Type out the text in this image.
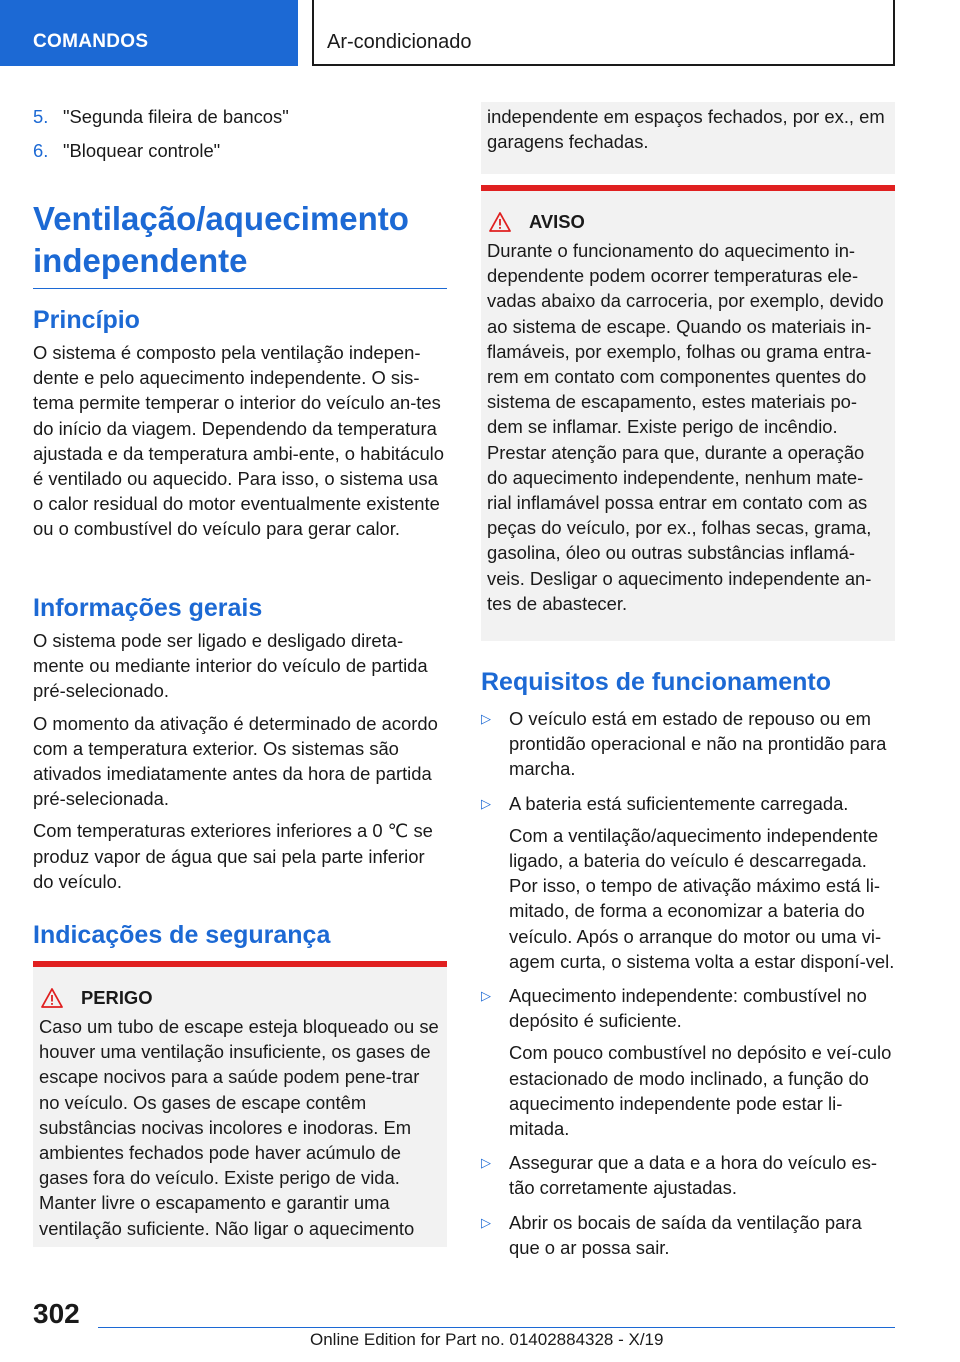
COMANDOS	Ar-condicionado
5. "Segunda fileira de bancos"
6. "Bloquear controle"
Ventilação/aquecimento independente
Princípio

O sistema é composto pela ventilação indepen-dente e pelo aquecimento independente. O sis-tema permite temperar o interior do veículo an-tes do início da viagem. Dependendo da temperatura ajustada e da temperatura ambi-ente, o habitáculo é ventilado ou aquecido. Para isso, o sistema usa o calor residual do motor eventualmente existente ou o combustível do veículo para gerar calor.

Informações gerais

O sistema pode ser ligado e desligado direta-mente ou mediante interior do veículo de partida pré-selecionado.

O momento da ativação é determinado de acordo com a temperatura exterior. Os sistemas são ativados imediatamente antes da hora de partida pré-selecionada.

Com temperaturas exteriores inferiores a 0 ℃ se produz vapor de água que sai pela parte inferior do veículo.

Indicações de segurança
PERIGO

Caso um tubo de escape esteja bloqueado ou se houver uma ventilação insuficiente, os gases de escape nocivos para a saúde podem pene-trar no veículo. Os gases de escape contêm substâncias nocivas incolores e inodoras. Em ambientes fechados pode haver acúmulo de gases fora do veículo. Existe perigo de vida. Manter livre o escapamento e garantir uma ventilação suficiente. Não ligar o aquecimento

independente em espaços fechados, por ex., em garagens fechadas.

AVISO

Durante o funcionamento do aquecimento in-dependente podem ocorrer temperaturas ele-vadas abaixo da carroceria, por exemplo, devido ao sistema de escape. Quando os materiais in-flamáveis, por exemplo, folhas ou grama entra-rem em contato com componentes quentes do sistema de escapamento, estes materiais po-dem se inflamar. Existe perigo de incêndio. Prestar atenção para que, durante a operação do aquecimento independente, nenhum mate-rial inflamável possa entrar em contato com as peças do veículo, por ex., folhas secas, grama, gasolina, óleo ou outras substâncias inflamá-veis. Desligar o aquecimento independente an-tes de abastecer.

Requisitos de funcionamento
▷ O veículo está em estado de repouso ou em prontidão operacional e não na prontidão para marcha.

▷ A bateria está suficientemente carregada.

Com a ventilação/aquecimento independente ligado, a bateria do veículo é descarregada. Por isso, o tempo de ativação máximo está li-mitado, de forma a economizar a bateria do veículo. Após o arranque do motor ou uma vi-agem curta, o sistema volta a estar disponí-vel.

▷ Aquecimento independente: combustível no depósito é suficiente.

Com pouco combustível no depósito e veí-culo estacionado de modo inclinado, a função do aquecimento independente pode estar li-mitada.

▷ Assegurar que a data e a hora do veículo es-tão corretamente ajustadas.

▷ Abrir os bocais de saída da ventilação para que o ar possa sair.

302
Online Edition for Part no. 01402884328 - X/19
